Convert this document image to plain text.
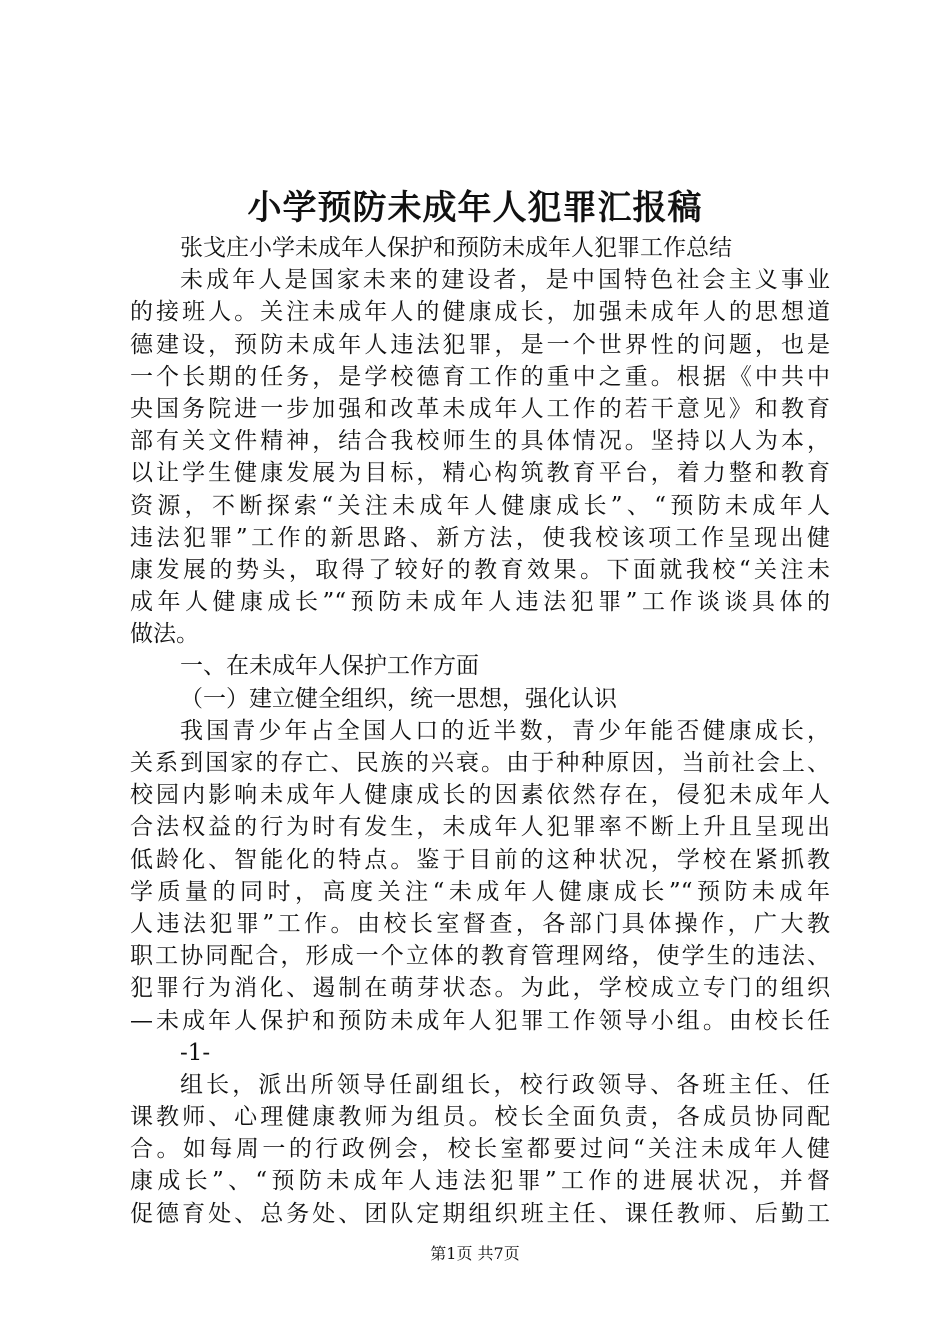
小学预防未成年人犯罪汇报稿
张戈庄小学未成年人保护和预防未成年人犯罪工作总结
未成年人是国家未来的建设者，是中国特色社会主义事业
的接班人。关注未成年人的健康成长，加强未成年人的思想道
德建设，预防未成年人违法犯罪，是一个世界性的问题，也是
一个长期的任务，是学校德育工作的重中之重。根据《中共中
央国务院进一步加强和改革未成年人工作的若干意见》和教育
部有关文件精神，结合我校师生的具体情况。坚持以人为本，
以让学生健康发展为目标，精心构筑教育平台，着力整和教育
资源，不断探索“关注未成年人健康成长”、“预防未成年人
违法犯罪”工作的新思路、新方法，使我校该项工作呈现出健
康发展的势头，取得了较好的教育效果。下面就我校“关注未
成年人健康成长”“预防未成年人违法犯罪”工作谈谈具体的
做法。
一、在未成年人保护工作方面
（一）建立健全组织，统一思想，强化认识
我国青少年占全国人口的近半数，青少年能否健康成长，
关系到国家的存亡、民族的兴衰。由于种种原因，当前社会上、
校园内影响未成年人健康成长的因素依然存在，侵犯未成年人
合法权益的行为时有发生，未成年人犯罪率不断上升且呈现出
低龄化、智能化的特点。鉴于目前的这种状况，学校在紧抓教
学质量的同时，高度关注“未成年人健康成长”“预防未成年
人违法犯罪”工作。由校长室督查，各部门具体操作，广大教
职工协同配合，形成一个立体的教育管理网络，使学生的违法、
犯罪行为消化、遏制在萌芽状态。为此，学校成立专门的组织
—未成年人保护和预防未成年人犯罪工作领导小组。由校长任
-1-
组长，派出所领导任副组长，校行政领导、各班主任、任
课教师、心理健康教师为组员。校长全面负责，各成员协同配
合。如每周一的行政例会，校长室都要过问“关注未成年人健
康成长”、“预防未成年人违法犯罪”工作的进展状况，并督
促德育处、总务处、团队定期组织班主任、课任教师、后勤工
第1页 共7页
